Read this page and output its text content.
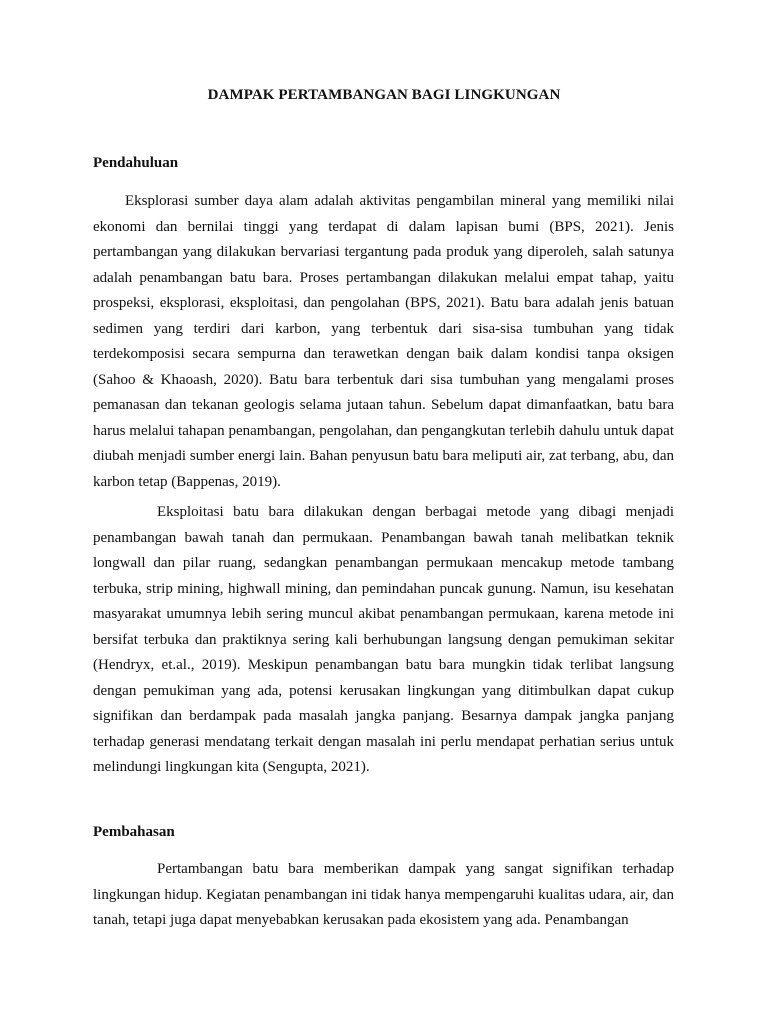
DAMPAK PERTAMBANGAN BAGI LINGKUNGAN
Pendahuluan

Eksplorasi sumber daya alam adalah aktivitas pengambilan mineral yang memiliki nilai ekonomi dan bernilai tinggi yang terdapat di dalam lapisan bumi (BPS, 2021). Jenis pertambangan yang dilakukan bervariasi tergantung pada produk yang diperoleh, salah satunya adalah penambangan batu bara. Proses pertambangan dilakukan melalui empat tahap, yaitu prospeksi, eksplorasi, eksploitasi, dan pengolahan (BPS, 2021). Batu bara adalah jenis batuan sedimen yang terdiri dari karbon, yang terbentuk dari sisa-sisa tumbuhan yang tidak terdekomposisi secara sempurna dan terawetkan dengan baik dalam kondisi tanpa oksigen (Sahoo & Khaoash, 2020). Batu bara terbentuk dari sisa tumbuhan yang mengalami proses pemanasan dan tekanan geologis selama jutaan tahun. Sebelum dapat dimanfaatkan, batu bara harus melalui tahapan penambangan, pengolahan, dan pengangkutan terlebih dahulu untuk dapat diubah menjadi sumber energi lain. Bahan penyusun batu bara meliputi air, zat terbang, abu, dan karbon tetap (Bappenas, 2019).

Eksploitasi batu bara dilakukan dengan berbagai metode yang dibagi menjadi penambangan bawah tanah dan permukaan. Penambangan bawah tanah melibatkan teknik longwall dan pilar ruang, sedangkan penambangan permukaan mencakup metode tambang terbuka, strip mining, highwall mining, dan pemindahan puncak gunung. Namun, isu kesehatan masyarakat umumnya lebih sering muncul akibat penambangan permukaan, karena metode ini bersifat terbuka dan praktiknya sering kali berhubungan langsung dengan pemukiman sekitar (Hendryx, et.al., 2019). Meskipun penambangan batu bara mungkin tidak terlibat langsung dengan pemukiman yang ada, potensi kerusakan lingkungan yang ditimbulkan dapat cukup signifikan dan berdampak pada masalah jangka panjang. Besarnya dampak jangka panjang terhadap generasi mendatang terkait dengan masalah ini perlu mendapat perhatian serius untuk melindungi lingkungan kita (Sengupta, 2021).

Pembahasan

Pertambangan batu bara memberikan dampak yang sangat signifikan terhadap lingkungan hidup. Kegiatan penambangan ini tidak hanya mempengaruhi kualitas udara, air, dan tanah, tetapi juga dapat menyebabkan kerusakan pada ekosistem yang ada. Penambangan
